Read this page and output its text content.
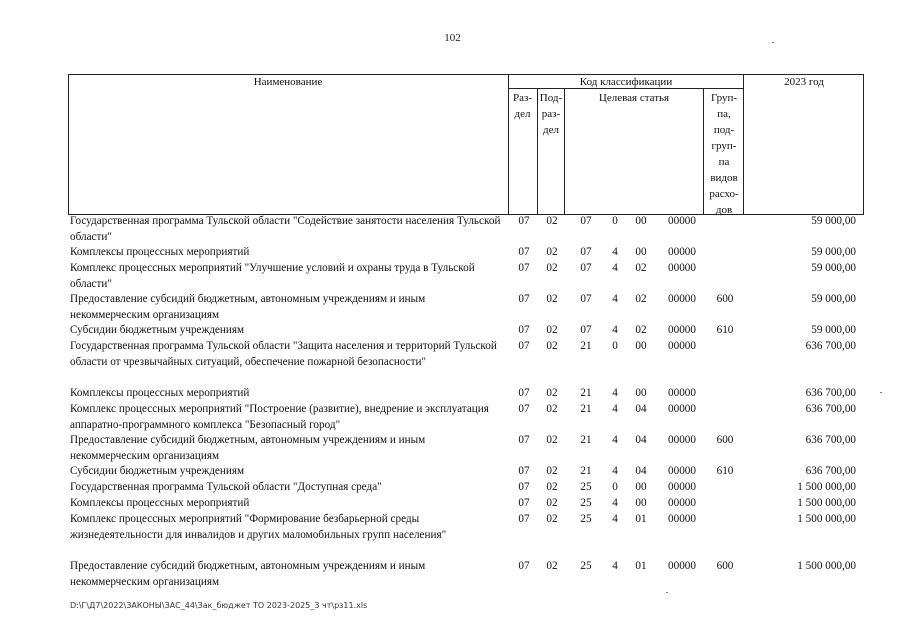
102
Наименование	Код классификации	2023 год
Раз-
дел
Под-
раз-
дел
Целевая статья	Груп-
па,
под-
груп-
па
видов
расхо-
дов
Государственная программа Тульской области "Содействие занятости населения Тульской области"
07	02	07	0	00	00000	59 000,00
Комплексы процессных мероприятий	07	02	07	4	00	00000	59 000,00
Комплекс процессных мероприятий "Улучшение условий и охраны труда в Тульской области"
07	02	07	4	02	00000	59 000,00
Предоставление субсидий бюджетным, автономным учреждениям и иным некоммерческим организациям
07	02	07	4	02	00000	600	59 000,00
Субсидии бюджетным учреждениям	07	02	07	4	02	00000	610	59 000,00
Государственная программа Тульской области "Защита населения и территорий Тульской области от чрезвычайных ситуаций, обеспечение пожарной безопасности"
07	02	21	0	00	00000	636 700,00
Комплексы процессных мероприятий	07	02	21	4	00	00000	636 700,00
Комплекс процессных мероприятий "Построение (развитие), внедрение и эксплуатация аппаратно-программного комплекса "Безопасный город"
07	02	21	4	04	00000	636 700,00
Предоставление субсидий бюджетным, автономным учреждениям и иным некоммерческим организациям
07	02	21	4	04	00000	600	636 700,00
Субсидии бюджетным учреждениям	07	02	21	4	04	00000	610	636 700,00
Государственная программа Тульской области "Доступная среда"	07	02	25	0	00	00000	1 500 000,00
Комплексы процессных мероприятий	07	02	25	4	00	00000	1 500 000,00
Комплекс процессных мероприятий "Формирование безбарьерной среды жизнедеятельности для инвалидов и других маломобильных групп населения"
07	02	25	4	01	00000	1 500 000,00
Предоставление субсидий бюджетным, автономным учреждениям и иным некоммерческим организациям
07	02	25	4	01	00000	600	1 500 000,00
D:\Г\Д7\2022\ЗАКОНЫ\ЗАС_44\Зак_бюджет ТО 2023-2025_3 чт\рз11.xls
